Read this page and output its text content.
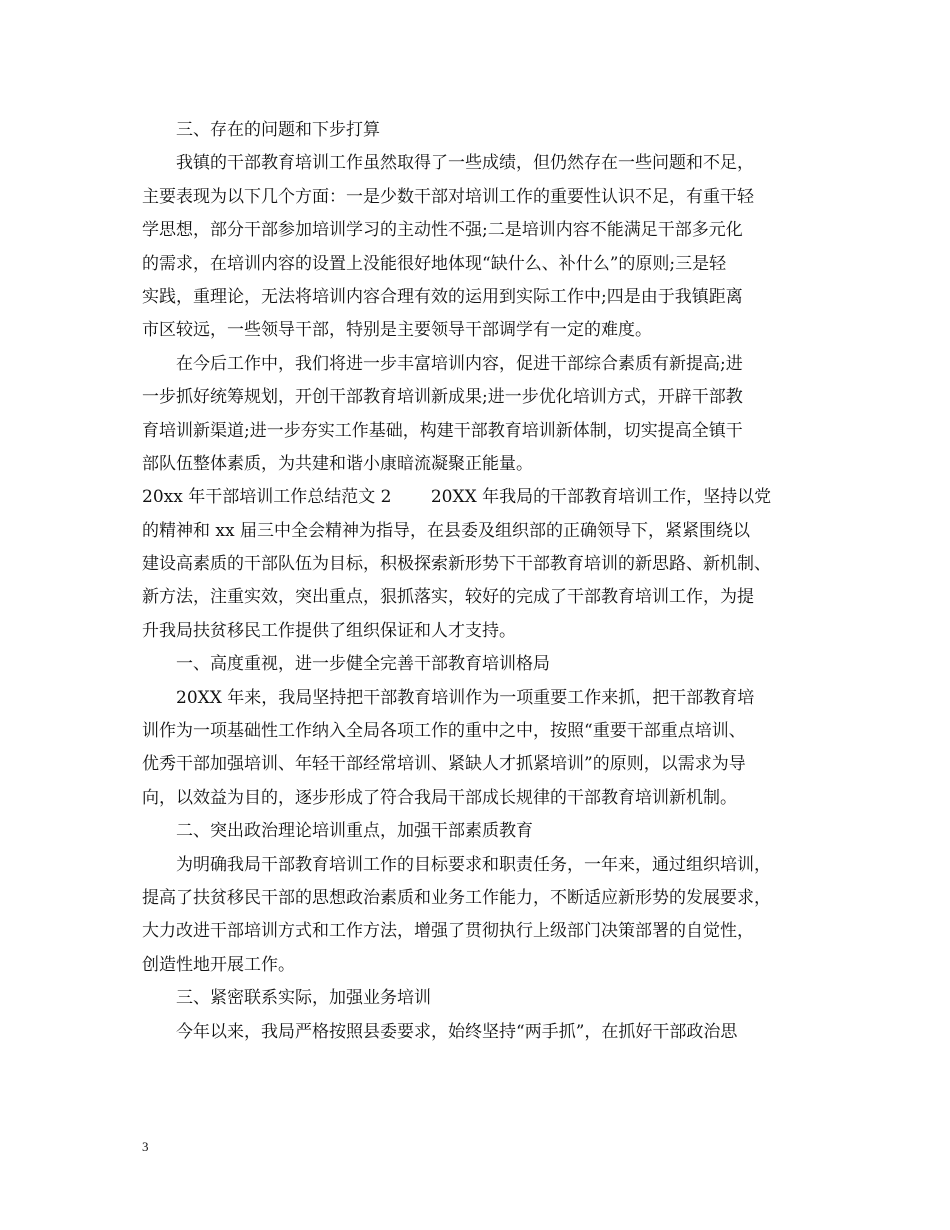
三、存在的问题和下步打算
我镇的干部教育培训工作虽然取得了一些成绩，但仍然存在一些问题和不足，
主要表现为以下几个方面：一是少数干部对培训工作的重要性认识不足，有重干轻
学思想，部分干部参加培训学习的主动性不强;二是培训内容不能满足干部多元化
的需求，在培训内容的设置上没能很好地体现“缺什么、补什么”的原则;三是轻
实践，重理论，无法将培训内容合理有效的运用到实际工作中;四是由于我镇距离
市区较远，一些领导干部，特别是主要领导干部调学有一定的难度。
在今后工作中，我们将进一步丰富培训内容，促进干部综合素质有新提高;进
一步抓好统筹规划，开创干部教育培训新成果;进一步优化培训方式，开辟干部教
育培训新渠道;进一步夯实工作基础，构建干部教育培训新体制，切实提高全镇干
部队伍整体素质，为共建和谐小康暗流凝聚正能量。
20xx 年干部培训工作总结范文 2　　 20XX 年我局的干部教育培训工作，坚持以党
的精神和 xx 届三中全会精神为指导，在县委及组织部的正确领导下，紧紧围绕以
建设高素质的干部队伍为目标，积极探索新形势下干部教育培训的新思路、新机制、
新方法，注重实效，突出重点，狠抓落实，较好的完成了干部教育培训工作，为提
升我局扶贫移民工作提供了组织保证和人才支持。
一、高度重视，进一步健全完善干部教育培训格局
20XX 年来，我局坚持把干部教育培训作为一项重要工作来抓，把干部教育培
训作为一项基础性工作纳入全局各项工作的重中之中，按照“重要干部重点培训、
优秀干部加强培训、年轻干部经常培训、紧缺人才抓紧培训”的原则，以需求为导
向，以效益为目的，逐步形成了符合我局干部成长规律的干部教育培训新机制。
二、突出政治理论培训重点，加强干部素质教育
为明确我局干部教育培训工作的目标要求和职责任务，一年来，通过组织培训，
提高了扶贫移民干部的思想政治素质和业务工作能力，不断适应新形势的发展要求，
大力改进干部培训方式和工作方法，增强了贯彻执行上级部门决策部署的自觉性，
创造性地开展工作。
三、紧密联系实际，加强业务培训
今年以来，我局严格按照县委要求，始终坚持“两手抓”，在抓好干部政治思
3
